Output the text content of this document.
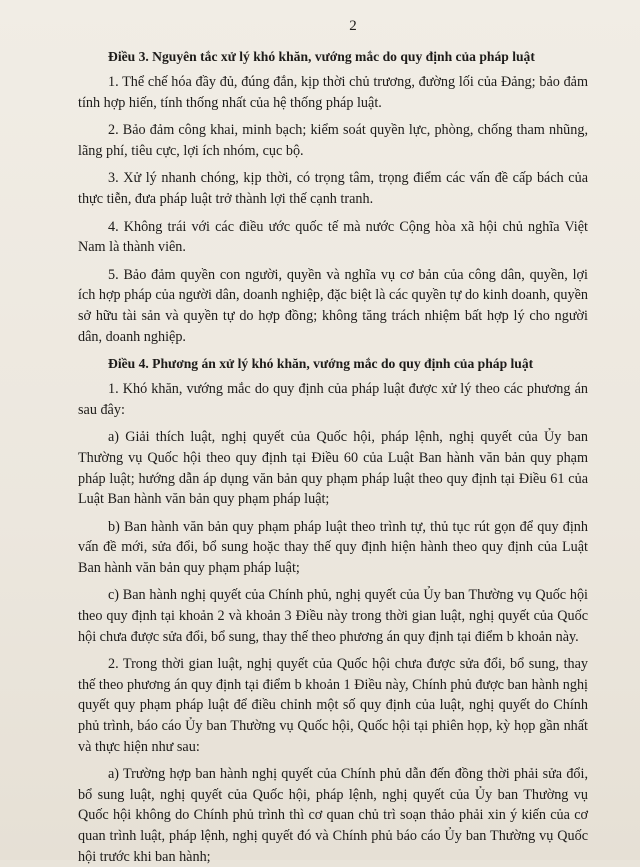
2
Điều 3. Nguyên tắc xử lý khó khăn, vướng mắc do quy định của pháp luật

1. Thể chế hóa đầy đủ, đúng đắn, kịp thời chủ trương, đường lối của Đảng; bảo đảm tính hợp hiến, tính thống nhất của hệ thống pháp luật.

2. Bảo đảm công khai, minh bạch; kiểm soát quyền lực, phòng, chống tham nhũng, lãng phí, tiêu cực, lợi ích nhóm, cục bộ.

3. Xử lý nhanh chóng, kịp thời, có trọng tâm, trọng điểm các vấn đề cấp bách của thực tiễn, đưa pháp luật trở thành lợi thế cạnh tranh.

4. Không trái với các điều ước quốc tế mà nước Cộng hòa xã hội chủ nghĩa Việt Nam là thành viên.

5. Bảo đảm quyền con người, quyền và nghĩa vụ cơ bản của công dân, quyền, lợi ích hợp pháp của người dân, doanh nghiệp, đặc biệt là các quyền tự do kinh doanh, quyền sở hữu tài sản và quyền tự do hợp đồng; không tăng trách nhiệm bất hợp lý cho người dân, doanh nghiệp.

Điều 4. Phương án xử lý khó khăn, vướng mắc do quy định của pháp luật

1. Khó khăn, vướng mắc do quy định của pháp luật được xử lý theo các phương án sau đây:

a) Giải thích luật, nghị quyết của Quốc hội, pháp lệnh, nghị quyết của Ủy ban Thường vụ Quốc hội theo quy định tại Điều 60 của Luật Ban hành văn bản quy phạm pháp luật; hướng dẫn áp dụng văn bản quy phạm pháp luật theo quy định tại Điều 61 của Luật Ban hành văn bản quy phạm pháp luật;

b) Ban hành văn bản quy phạm pháp luật theo trình tự, thủ tục rút gọn để quy định vấn đề mới, sửa đổi, bổ sung hoặc thay thế quy định hiện hành theo quy định của Luật Ban hành văn bản quy phạm pháp luật;

c) Ban hành nghị quyết của Chính phủ, nghị quyết của Ủy ban Thường vụ Quốc hội theo quy định tại khoản 2 và khoản 3 Điều này trong thời gian luật, nghị quyết của Quốc hội chưa được sửa đổi, bổ sung, thay thế theo phương án quy định tại điểm b khoản này.

2. Trong thời gian luật, nghị quyết của Quốc hội chưa được sửa đổi, bổ sung, thay thế theo phương án quy định tại điểm b khoản 1 Điều này, Chính phủ được ban hành nghị quyết quy phạm pháp luật để điều chỉnh một số quy định của luật, nghị quyết do Chính phủ trình, báo cáo Ủy ban Thường vụ Quốc hội, Quốc hội tại phiên họp, kỳ họp gần nhất và thực hiện như sau:

a) Trường hợp ban hành nghị quyết của Chính phủ dẫn đến đồng thời phải sửa đổi, bổ sung luật, nghị quyết của Quốc hội, pháp lệnh, nghị quyết của Ủy ban Thường vụ Quốc hội không do Chính phủ trình thì cơ quan chủ trì soạn thảo phải xin ý kiến của cơ quan trình luật, pháp lệnh, nghị quyết đó và Chính phủ báo cáo Ủy ban Thường vụ Quốc hội trước khi ban hành;
